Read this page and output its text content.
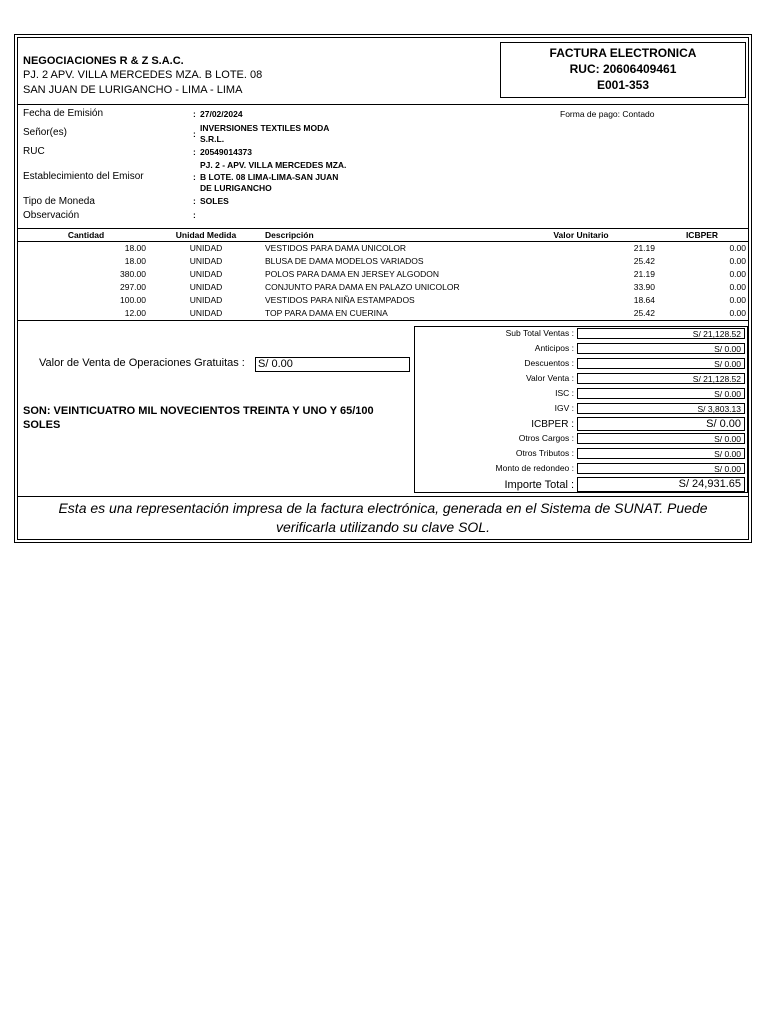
NEGOCIACIONES R & Z S.A.C.
PJ. 2 APV. VILLA MERCEDES MZA. B LOTE. 08
SAN JUAN DE LURIGANCHO - LIMA - LIMA
FACTURA ELECTRONICA
RUC: 20606409461
E001-353
Fecha de Emisión	: 27/02/2024	Forma de pago: Contado
Señor(es)	:
INVERSIONES TEXTILES MODA
S.R.L.
RUC	: 20549014373
Establecimiento del Emisor	:
PJ. 2 - APV. VILLA MERCEDES MZA.
B LOTE. 08 LIMA-LIMA-SAN JUAN
DE LURIGANCHO
Tipo de Moneda	: SOLES
Observación	:
Cantidad	Unidad Medida	Descripción	Valor Unitario	ICBPER
18.00	UNIDAD	VESTIDOS PARA DAMA UNICOLOR	21.19	0.00
18.00	UNIDAD	BLUSA DE DAMA MODELOS VARIADOS	25.42	0.00
380.00	UNIDAD	POLOS PARA DAMA EN JERSEY ALGODON	21.19	0.00
297.00	UNIDAD	CONJUNTO PARA DAMA EN PALAZO UNICOLOR	33.90	0.00
100.00	UNIDAD	VESTIDOS PARA NIÑA ESTAMPADOS	18.64	0.00
12.00	UNIDAD	TOP PARA DAMA EN CUERINA	25.42	0.00
Valor de Venta de Operaciones Gratuitas : S/ 0.00
SON: VEINTICUATRO MIL NOVECIENTOS TREINTA Y UNO Y 65/100
SOLES
Sub Total Ventas :	S/ 21,128.52
Anticipos :	S/ 0.00
Descuentos :	S/ 0.00
Valor Venta :	S/ 21,128.52
ISC :	S/ 0.00
IGV :	S/ 3,803.13
ICBPER :	S/ 0.00
Otros Cargos :	S/ 0.00
Otros Tributos :	S/ 0.00
Monto de redondeo :	S/ 0.00
Importe Total :	S/ 24,931.65
Esta es una representación impresa de la factura electrónica, generada en el Sistema de SUNAT. Puede
verificarla utilizando su clave SOL.
